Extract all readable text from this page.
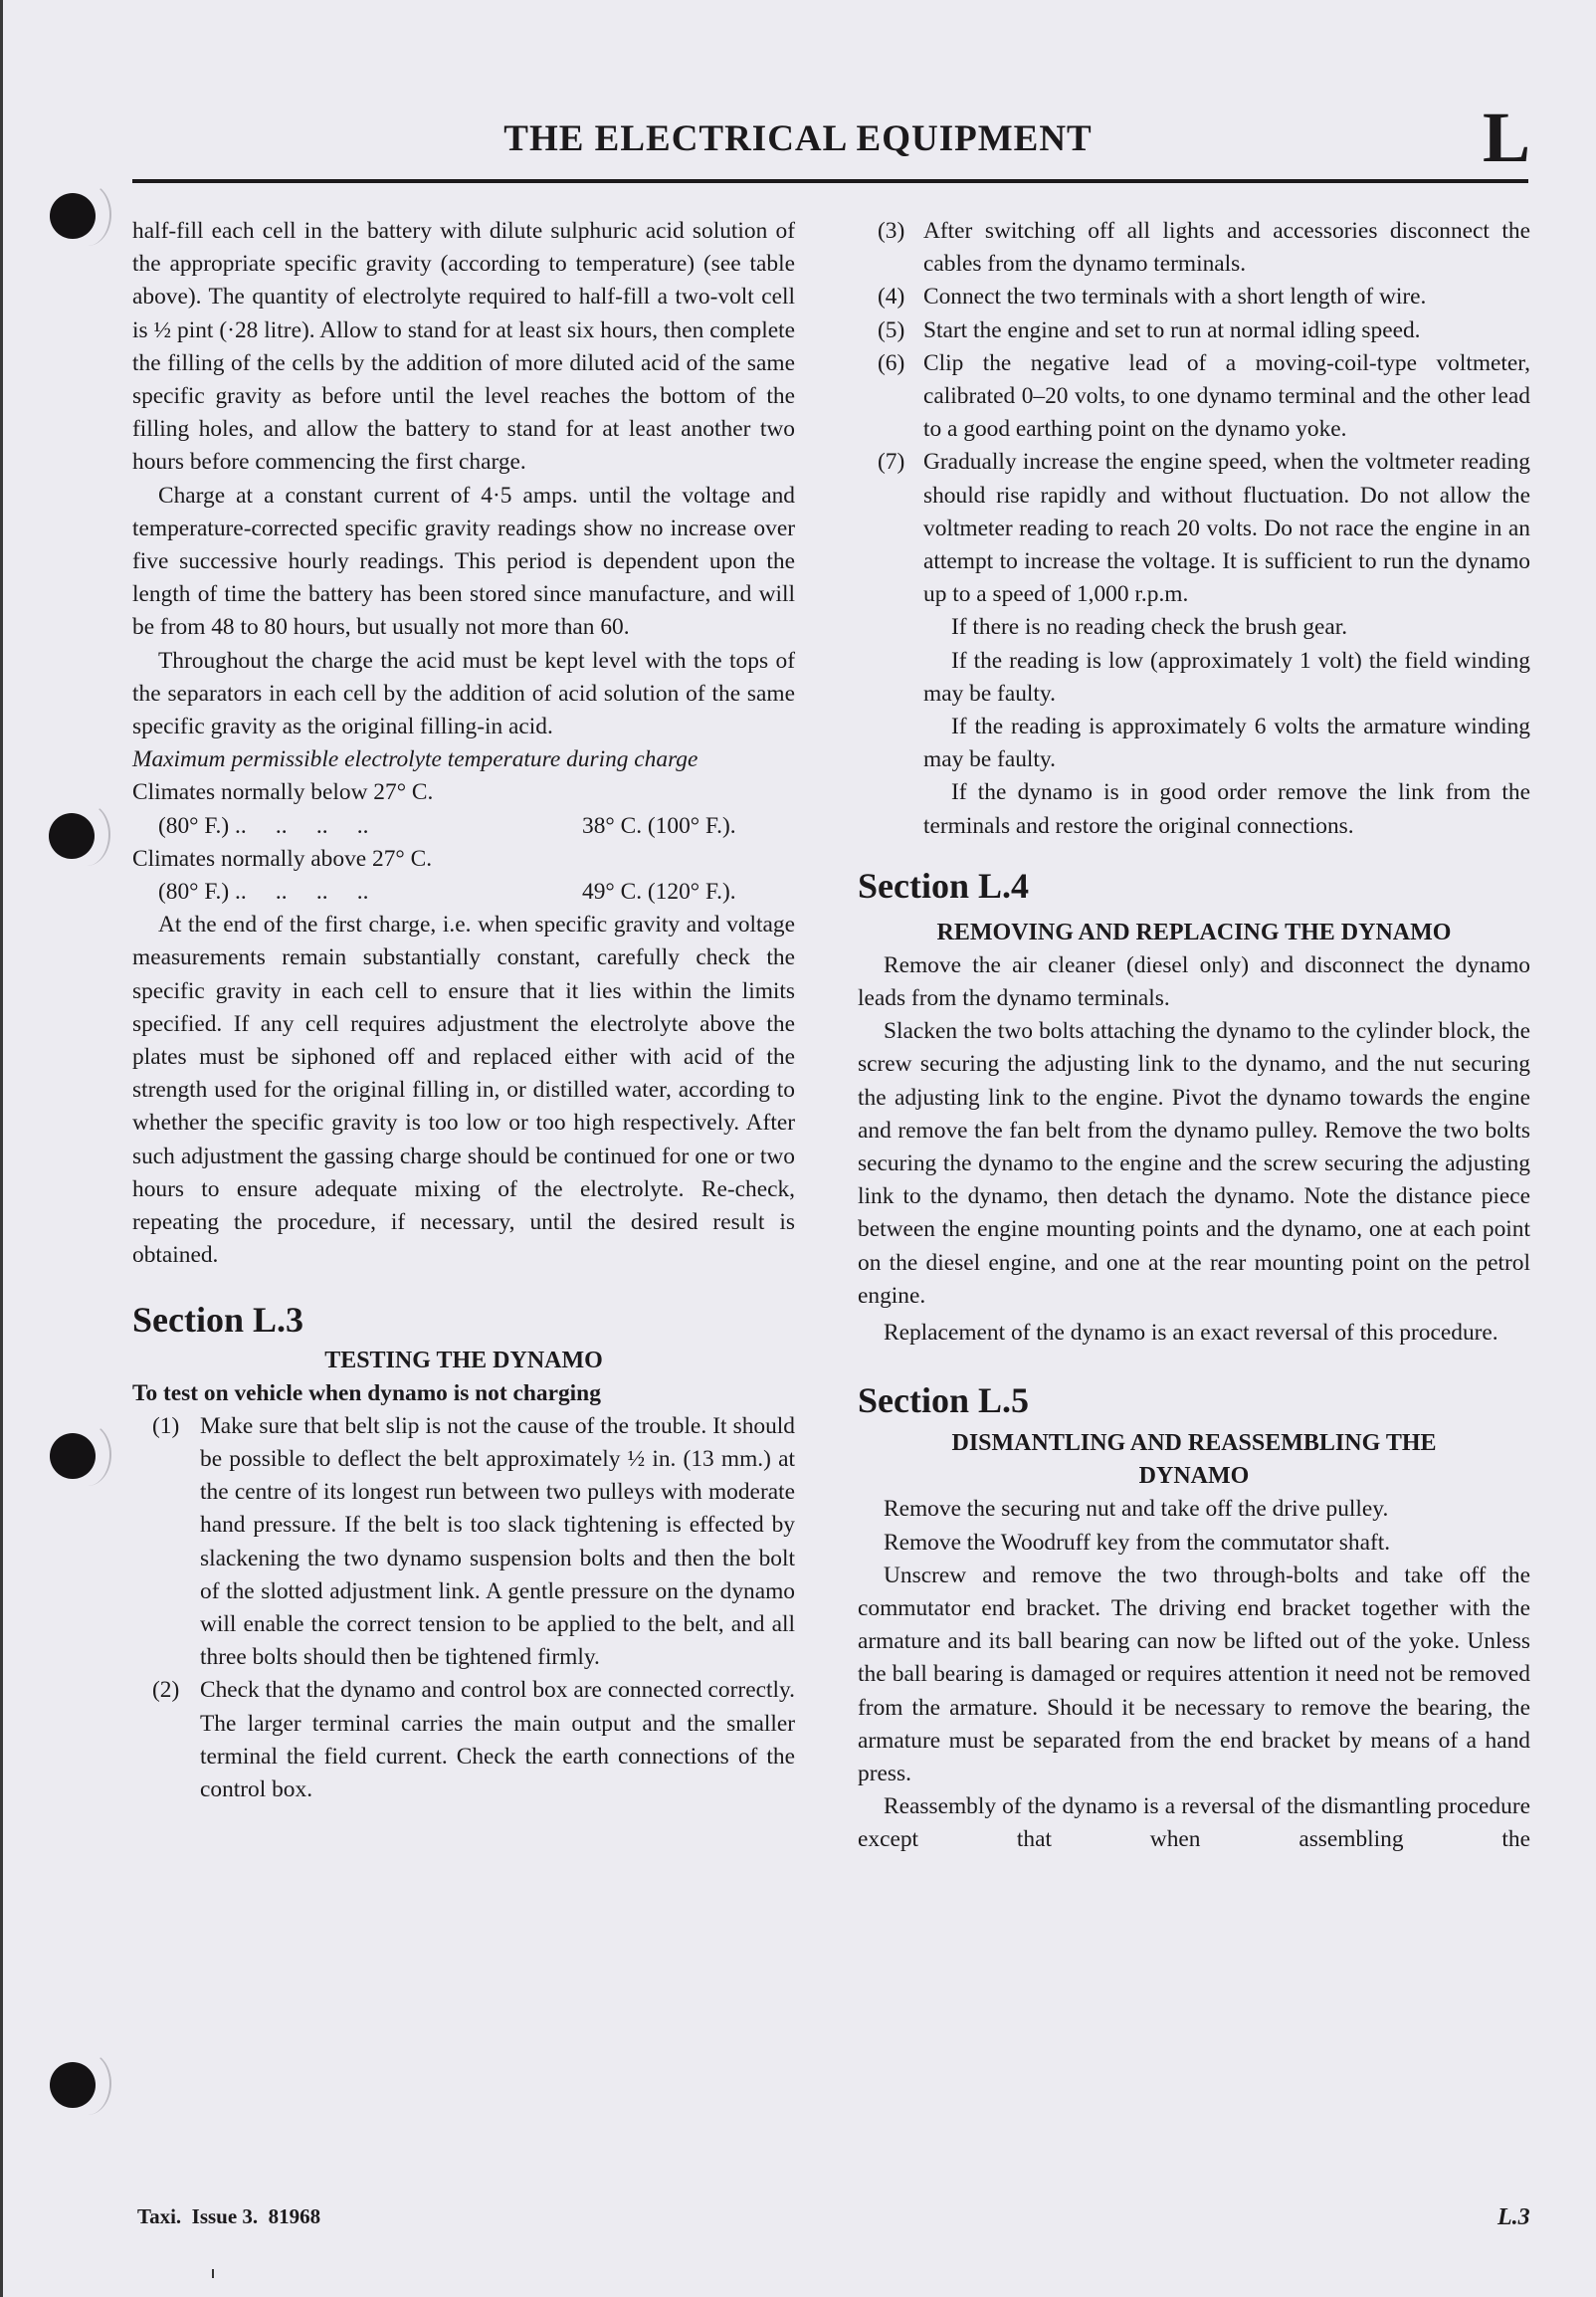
THE ELECTRICAL EQUIPMENT	L

half-fill each cell in the battery with dilute sulphuric acid solution of the appropriate specific gravity (according to temperature) (see table above). The quantity of electrolyte required to half-fill a two-volt cell is ½ pint (·28 litre). Allow to stand for at least six hours, then complete the filling of the cells by the addition of more diluted acid of the same specific gravity as before until the level reaches the bottom of the filling holes, and allow the battery to stand for at least another two hours before commencing the first charge.

Charge at a constant current of 4·5 amps. until the voltage and temperature-corrected specific gravity readings show no increase over five successive hourly readings. This period is dependent upon the length of time the battery has been stored since manufacture, and will be from 48 to 80 hours, but usually not more than 60.

Throughout the charge the acid must be kept level with the tops of the separators in each cell by the addition of acid solution of the same specific gravity as the original filling-in acid.

Maximum permissible electrolyte temperature during charge

Climates normally below 27° C.

(80° F.) ..     ..     ..     ..	38° C. (100° F.).

Climates normally above 27° C.

(80° F.) ..     ..     ..     ..	49° C. (120° F.).

At the end of the first charge, i.e. when specific gravity and voltage measurements remain substantially constant, carefully check the specific gravity in each cell to ensure that it lies within the limits specified. If any cell requires adjustment the electrolyte above the plates must be siphoned off and replaced either with acid of the strength used for the original filling in, or distilled water, according to whether the specific gravity is too low or too high respectively. After such adjustment the gassing charge should be continued for one or two hours to ensure adequate mixing of the electrolyte. Re-check, repeating the procedure, if necessary, until the desired result is obtained.

Section L.3
TESTING THE DYNAMO

To test on vehicle when dynamo is not charging

(1) Make sure that belt slip is not the cause of the trouble. It should be possible to deflect the belt approximately ½ in. (13 mm.) at the centre of its longest run between two pulleys with moderate hand pressure. If the belt is too slack tightening is effected by slackening the two dynamo suspension bolts and then the bolt of the slotted adjustment link. A gentle pressure on the dynamo will enable the correct tension to be applied to the belt, and all three bolts should then be tightened firmly.
(2) Check that the dynamo and control box are connected correctly. The larger terminal carries the main output and the smaller terminal the field current. Check the earth connections of the control box.
(3) After switching off all lights and accessories disconnect the cables from the dynamo terminals.
(4) Connect the two terminals with a short length of wire.
(5) Start the engine and set to run at normal idling speed.
(6) Clip the negative lead of a moving-coil-type voltmeter, calibrated 0–20 volts, to one dynamo terminal and the other lead to a good earthing point on the dynamo yoke.
(7) Gradually increase the engine speed, when the voltmeter reading should rise rapidly and without fluctuation. Do not allow the voltmeter reading to reach 20 volts. Do not race the engine in an attempt to increase the voltage. It is sufficient to run the dynamo up to a speed of 1,000 r.p.m.

If there is no reading check the brush gear.

If the reading is low (approximately 1 volt) the field winding may be faulty.

If the reading is approximately 6 volts the armature winding may be faulty.

If the dynamo is in good order remove the link from the terminals and restore the original connections.

Section L.4
REMOVING AND REPLACING THE DYNAMO

Remove the air cleaner (diesel only) and disconnect the dynamo leads from the dynamo terminals.

Slacken the two bolts attaching the dynamo to the cylinder block, the screw securing the adjusting link to the dynamo, and the nut securing the adjusting link to the engine. Pivot the dynamo towards the engine and remove the fan belt from the dynamo pulley. Remove the two bolts securing the dynamo to the engine and the screw securing the adjusting link to the dynamo, then detach the dynamo. Note the distance piece between the engine mounting points and the dynamo, one at each point on the diesel engine, and one at the rear mounting point on the petrol engine.

Replacement of the dynamo is an exact reversal of this procedure.

Section L.5
DISMANTLING AND REASSEMBLING THE DYNAMO

Remove the securing nut and take off the drive pulley.

Remove the Woodruff key from the commutator shaft.

Unscrew and remove the two through-bolts and take off the commutator end bracket. The driving end bracket together with the armature and its ball bearing can now be lifted out of the yoke. Unless the ball bearing is damaged or requires attention it need not be removed from the armature. Should it be necessary to remove the bearing, the armature must be separated from the end bracket by means of a hand press.

Reassembly of the dynamo is a reversal of the dismantling procedure except that when assembling the

Taxi.  Issue 3.  81968	L.3
